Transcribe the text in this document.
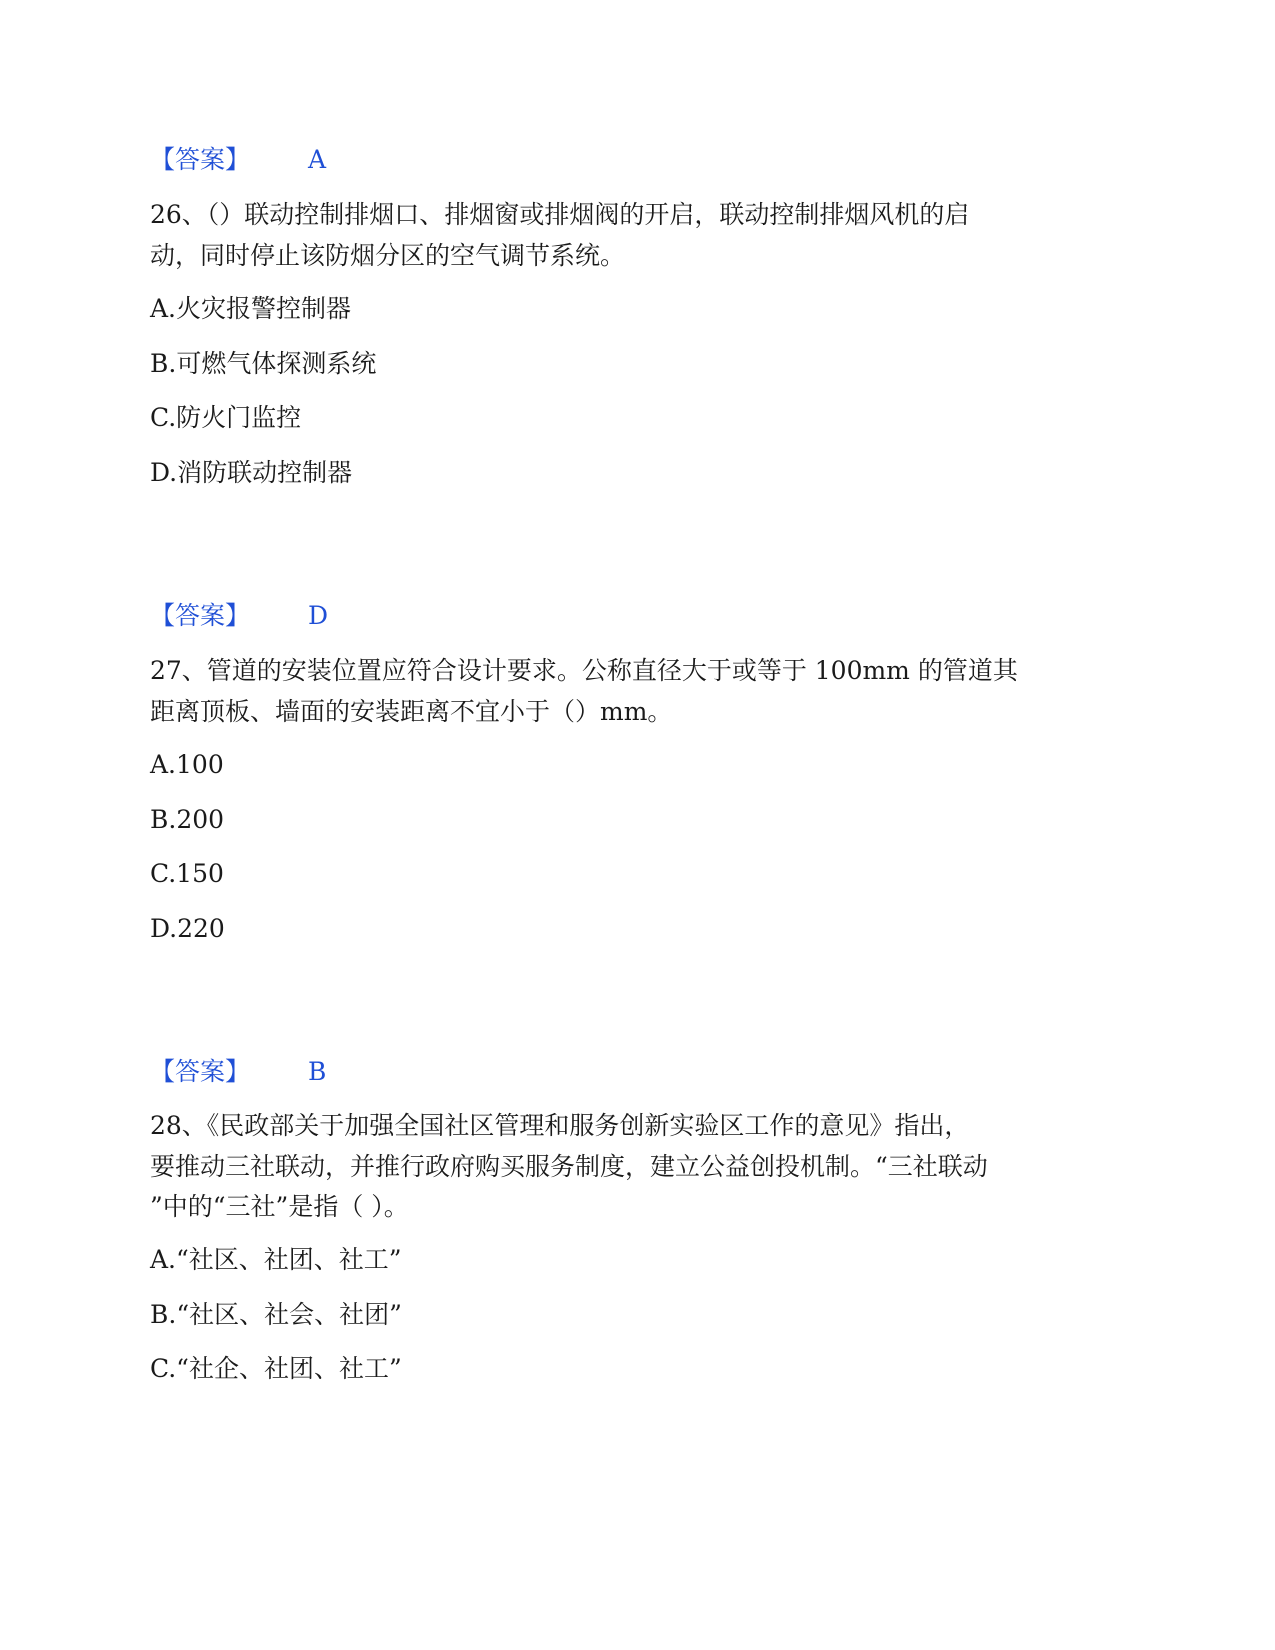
【答案】 A
26、（）联动控制排烟口、排烟窗或排烟阀的开启，联动控制排烟风机的启
动，同时停止该防烟分区的空气调节系统。
A.火灾报警控制器
B.可燃气体探测系统
C.防火门监控
D.消防联动控制器
【答案】 D
27、管道的安装位置应符合设计要求。公称直径大于或等于 100mm 的管道其
距离顶板、墙面的安装距离不宜小于（）mm。
A.100
B.200
C.150
D.220
【答案】 B
28、《民政部关于加强全国社区管理和服务创新实验区工作的意见》指出，
要推动三社联动，并推行政府购买服务制度，建立公益创投机制。“三社联动
”中的“三社”是指（ ）。
A.“社区、社团、社工”
B.“社区、社会、社团”
C.“社企、社团、社工”
